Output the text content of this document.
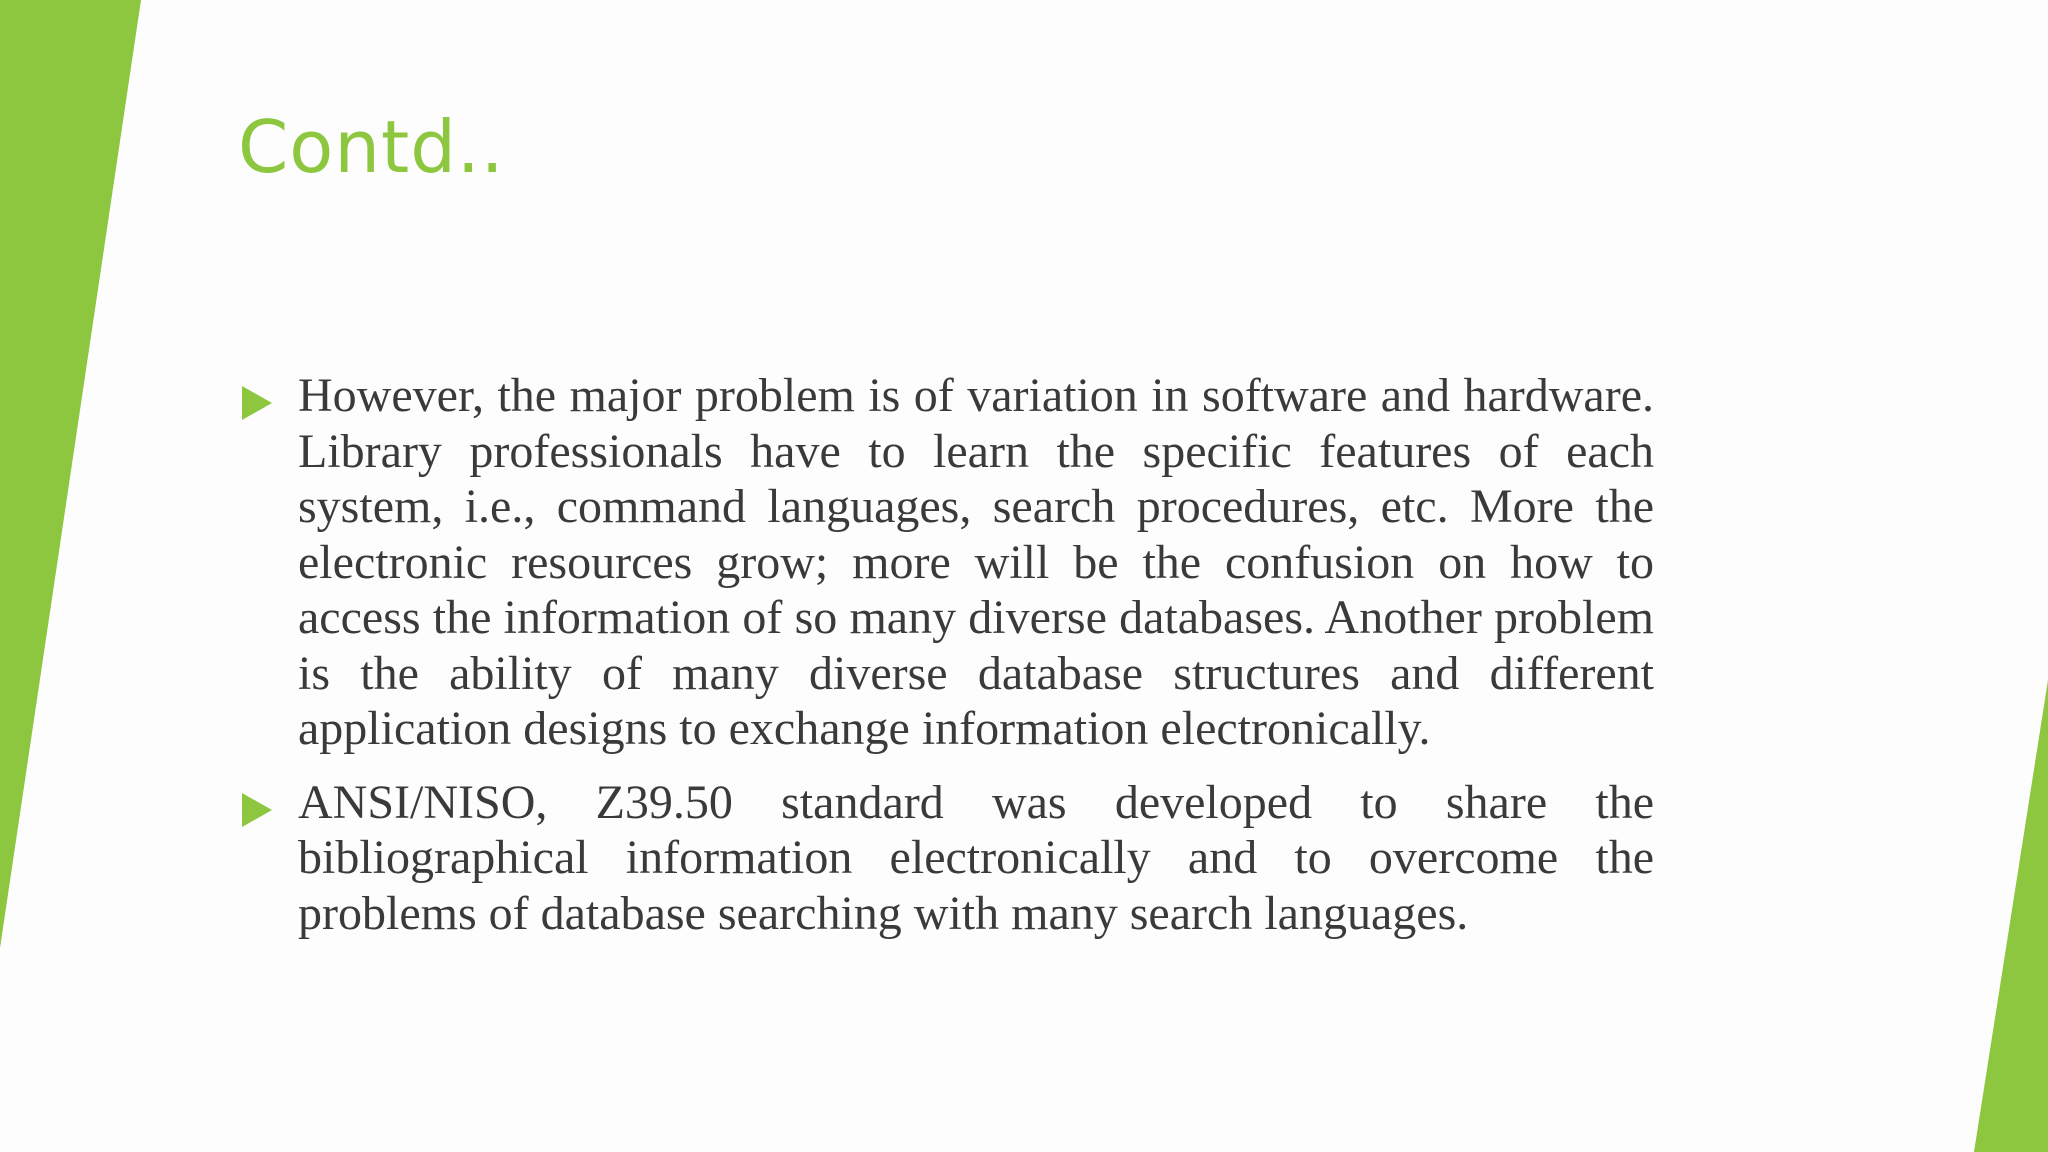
Contd..

However, the major problem is of variation in software and hardware. Library professionals have to learn the specific features of each system, i.e., command languages, search procedures, etc. More the electronic resources grow; more will be the confusion on how to access the information of so many diverse databases. Another problem is the ability of many diverse database structures and different application designs to exchange information electronically.

ANSI/NISO, Z39.50 standard was developed to share the bibliographical information electronically and to overcome the problems of database searching with many search languages.
